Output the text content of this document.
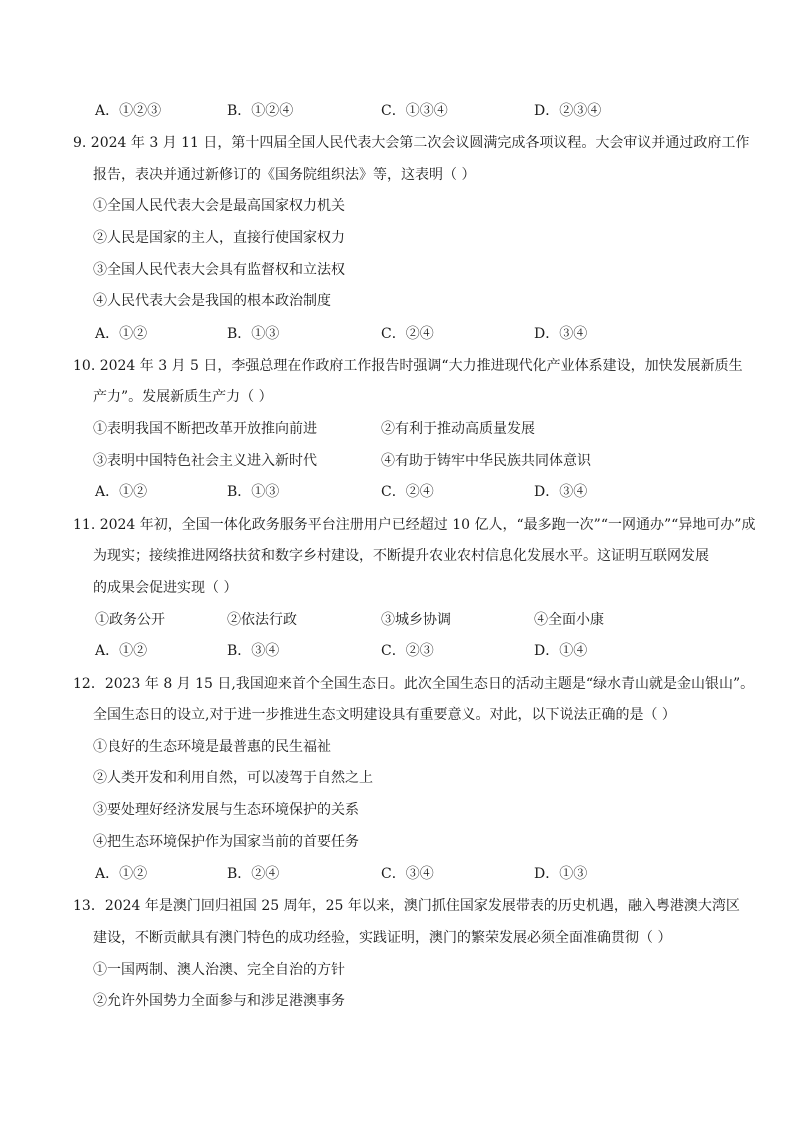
A．①②③	B．①②④	C．①③④	D．②③④
9. 2024 年 3 月 11 日，第十四届全国人民代表大会第二次会议圆满完成各项议程。大会审议并通过政府工作
报告，表决并通过新修订的《国务院组织法》等，这表明（ ）
①全国人民代表大会是最高国家权力机关
②人民是国家的主人，直接行使国家权力
③全国人民代表大会具有监督权和立法权
④人民代表大会是我国的根本政治制度
A．①②	B．①③	C．②④	D．③④
10. 2024 年 3 月 5 日，李强总理在作政府工作报告时强调“大力推进现代化产业体系建设，加快发展新质生
产力”。发展新质生产力（ ）
①表明我国不断把改革开放推向前进	②有利于推动高质量发展
③表明中国特色社会主义进入新时代	④有助于铸牢中华民族共同体意识
A．①②	B．①③	C．②④	D．③④
11. 2024 年初，全国一体化政务服务平台注册用户已经超过 10 亿人，“最多跑一次”“一网通办”“异地可办”成
为现实；接续推进网络扶贫和数字乡村建设，不断提升农业农村信息化发展水平。这证明互联网发展
的成果会促进实现（ ）
①政务公开	②依法行政	③城乡协调	④全面小康
A．①②	B．③④	C．②③	D．①④
12．2023 年 8 月 15 日,我国迎来首个全国生态日。此次全国生态日的活动主题是“绿水青山就是金山银山”。
全国生态日的设立,对于进一步推进生态文明建设具有重要意义。对此，以下说法正确的是（ ）
①良好的生态环境是最普惠的民生福祉
②人类开发和利用自然，可以凌驾于自然之上
③要处理好经济发展与生态环境保护的关系
④把生态环境保护作为国家当前的首要任务
A．①②	B．②④	C．③④	D．①③
13．2024 年是澳门回归祖国 25 周年，25 年以来，澳门抓住国家发展带表的历史机遇，融入粤港澳大湾区
建设，不断贡献具有澳门特色的成功经验，实践证明，澳门的繁荣发展必须全面准确贯彻（ ）
①一国两制、澳人治澳、完全自治的方针
②允许外国势力全面参与和涉足港澳事务
